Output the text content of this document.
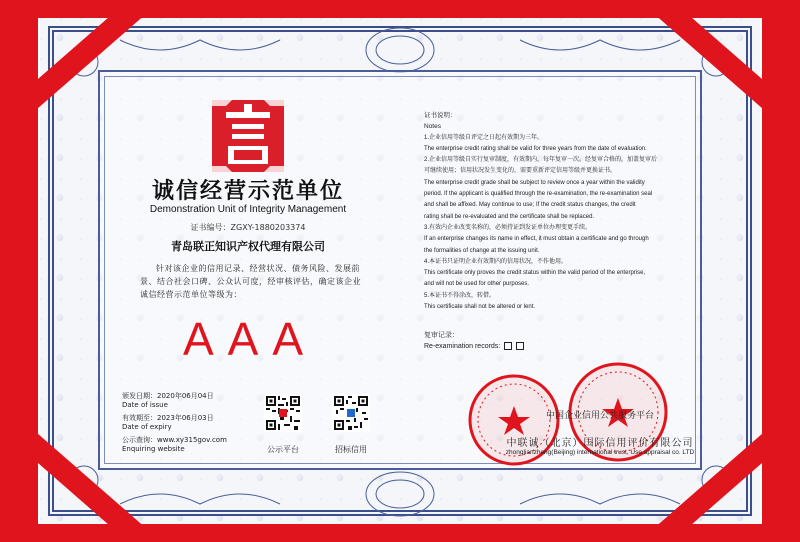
诚信经营示范单位
Demonstration Unit of Integrity Management
证书编号：ZGXY-1880203374
青岛联正知识产权代理有限公司
针对该企业的信用记录、经营状况、债务风险、发展前景、结合社会口碑、公众认可度，经审核评估，确定该企业诚信经营示范单位等级为：
AAA
颁发日期：2020年06月04日
Date of issue
有效期至：2023年06月03日
Date of expiry
公示查询：www.xy315gov.com
Enquiring website	公示平台	招标信用
证书说明：
Notes
1.企业信用等级自评定之日起有效期为三年。
The enterprise credit rating shall be valid for three years from the date of evaluation.
2.企业信用等级自实行复审制度，有效期内，每年复审一次。经复审合格的，加盖复审后
可继续使用；信用状况发生变化的，需要重新评定信用等级并更换证书。
The enterprise credit grade shall be subject to review once a year within the validity
period. If the applicant is qualified through the re-examination, the re-examination seal
and shall be affixed. May continue to use; If the credit status changes, the credit
rating shall be re-evaluated and the certificate shall be replaced.
3.有效内企业改变名称的，必须持证到发证单位办理变更手续。
If an enterprise changes its name in effect, it must obtain a certificate and go through
the formalities of change at the issuing unit.
4.本证书只证明企业有效期内的信用状况，不作他用。
This certificate only proves the credit status within the valid period of the enterprise,
and will not be used for other purposes.
5.本证书不得涂改，转借。
This certificate shall not be altered or lent.
复审记录：
Re-examination records:
中国企业信用公共服务平台
中联诚（北京）国际信用评价有限公司
zhonglianzheng(Beijing) international trust, Use appraisal co. LTD
